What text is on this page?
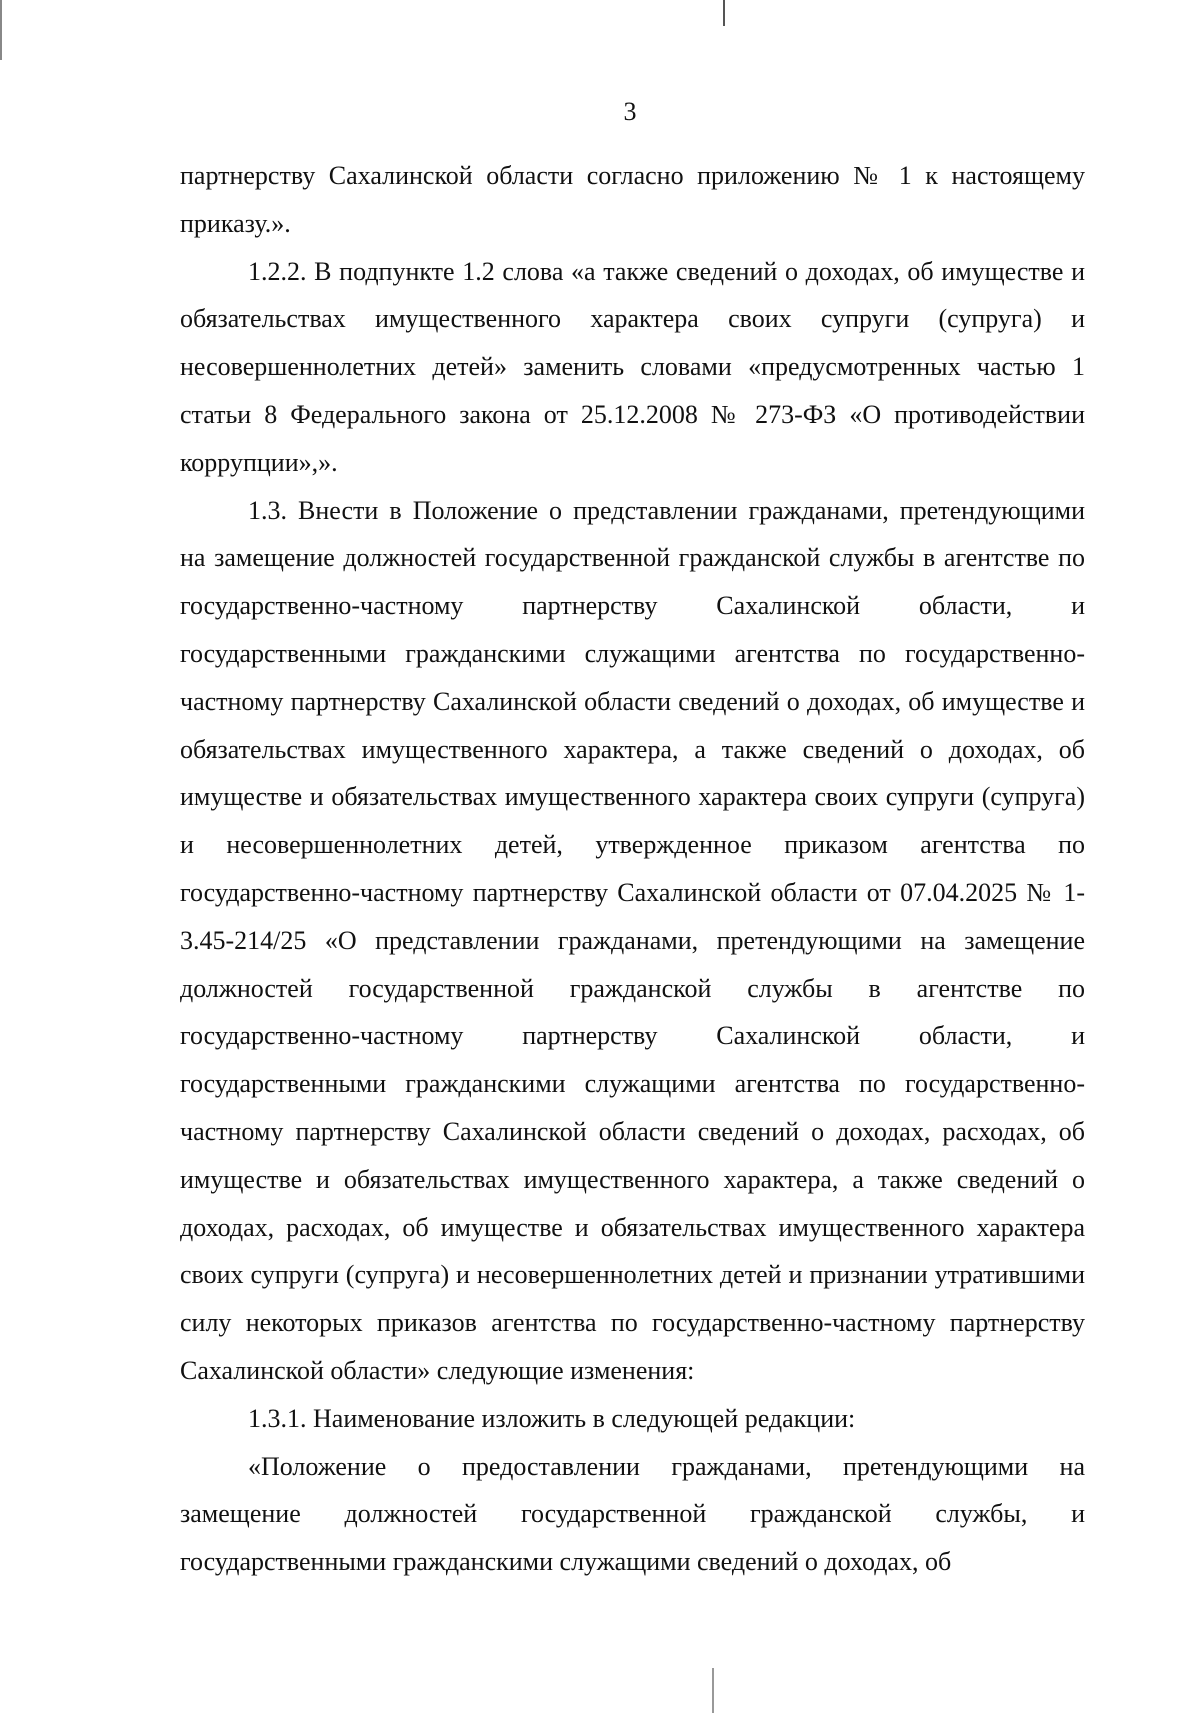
3

партнерству Сахалинской области согласно приложению № 1 к настоящему приказу.».

1.2.2. В подпункте 1.2 слова «а также сведений о доходах, об имуществе и обязательствах имущественного характера своих супруги (супруга) и несовершеннолетних детей» заменить словами «предусмотренных частью 1 статьи 8 Федерального закона от 25.12.2008 № 273-ФЗ «О противодействии коррупции»,».

1.3. Внести в Положение о представлении гражданами, претендующими на замещение должностей государственной гражданской службы в агентстве по государственно-частному партнерству Сахалинской области, и государственными гражданскими служащими агентства по государственно-частному партнерству Сахалинской области сведений о доходах, об имуществе и обязательствах имущественного характера, а также сведений о доходах, об имуществе и обязательствах имущественного характера своих супруги (супруга) и несовершеннолетних детей, утвержденное приказом агентства по государственно-частному партнерству Сахалинской области от 07.04.2025 № 1-3.45-214/25 «О представлении гражданами, претендующими на замещение должностей государственной гражданской службы в агентстве по государственно-частному партнерству Сахалинской области, и государственными гражданскими служащими агентства по государственно-частному партнерству Сахалинской области сведений о доходах, расходах, об имуществе и обязательствах имущественного характера, а также сведений о доходах, расходах, об имуществе и обязательствах имущественного характера своих супруги (супруга) и несовершеннолетних детей и признании утратившими силу некоторых приказов агентства по государственно-частному партнерству Сахалинской области» следующие изменения:

1.3.1. Наименование изложить в следующей редакции:

«Положение о предоставлении гражданами, претендующими на замещение должностей государственной гражданской службы, и государственными гражданскими служащими сведений о доходах, об
